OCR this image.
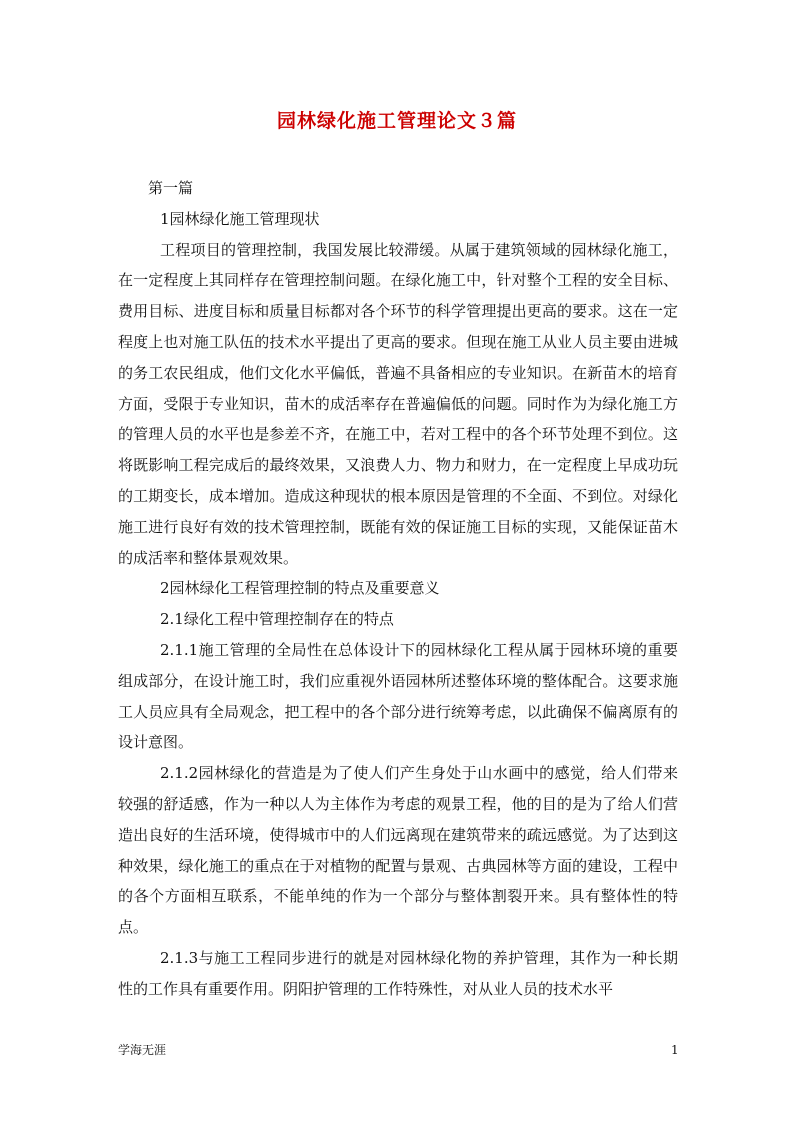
园林绿化施工管理论文３篇

第一篇

1园林绿化施工管理现状

工程项目的管理控制，我国发展比较滞缓。从属于建筑领域的园林绿化施工，在一定程度上其同样存在管理控制问题。在绿化施工中，针对整个工程的安全目标、费用目标、进度目标和质量目标都对各个环节的科学管理提出更高的要求。这在一定程度上也对施工队伍的技术水平提出了更高的要求。但现在施工从业人员主要由进城的务工农民组成，他们文化水平偏低，普遍不具备相应的专业知识。在新苗木的培育方面，受限于专业知识，苗木的成活率存在普遍偏低的问题。同时作为为绿化施工方的管理人员的水平也是参差不齐，在施工中，若对工程中的各个环节处理不到位。这将既影响工程完成后的最终效果，又浪费人力、物力和财力，在一定程度上早成功玩的工期变长，成本增加。造成这种现状的根本原因是管理的不全面、不到位。对绿化施工进行良好有效的技术管理控制，既能有效的保证施工目标的实现，又能保证苗木的成活率和整体景观效果。

2园林绿化工程管理控制的特点及重要意义

2.1绿化工程中管理控制存在的特点

2.1.1施工管理的全局性在总体设计下的园林绿化工程从属于园林环境的重要组成部分，在设计施工时，我们应重视外语园林所述整体环境的整体配合。这要求施工人员应具有全局观念，把工程中的各个部分进行统筹考虑，以此确保不偏离原有的设计意图。

2.1.2园林绿化的营造是为了使人们产生身处于山水画中的感觉，给人们带来较强的舒适感，作为一种以人为主体作为考虑的观景工程，他的目的是为了给人们营造出良好的生活环境，使得城市中的人们远离现在建筑带来的疏远感觉。为了达到这种效果，绿化施工的重点在于对植物的配置与景观、古典园林等方面的建设，工程中的各个方面相互联系，不能单纯的作为一个部分与整体割裂开来。具有整体性的特点。

2.1.3与施工工程同步进行的就是对园林绿化物的养护管理，其作为一种长期性的工作具有重要作用。阴阳护管理的工作特殊性，对从业人员的技术水平

学海无涯	1
